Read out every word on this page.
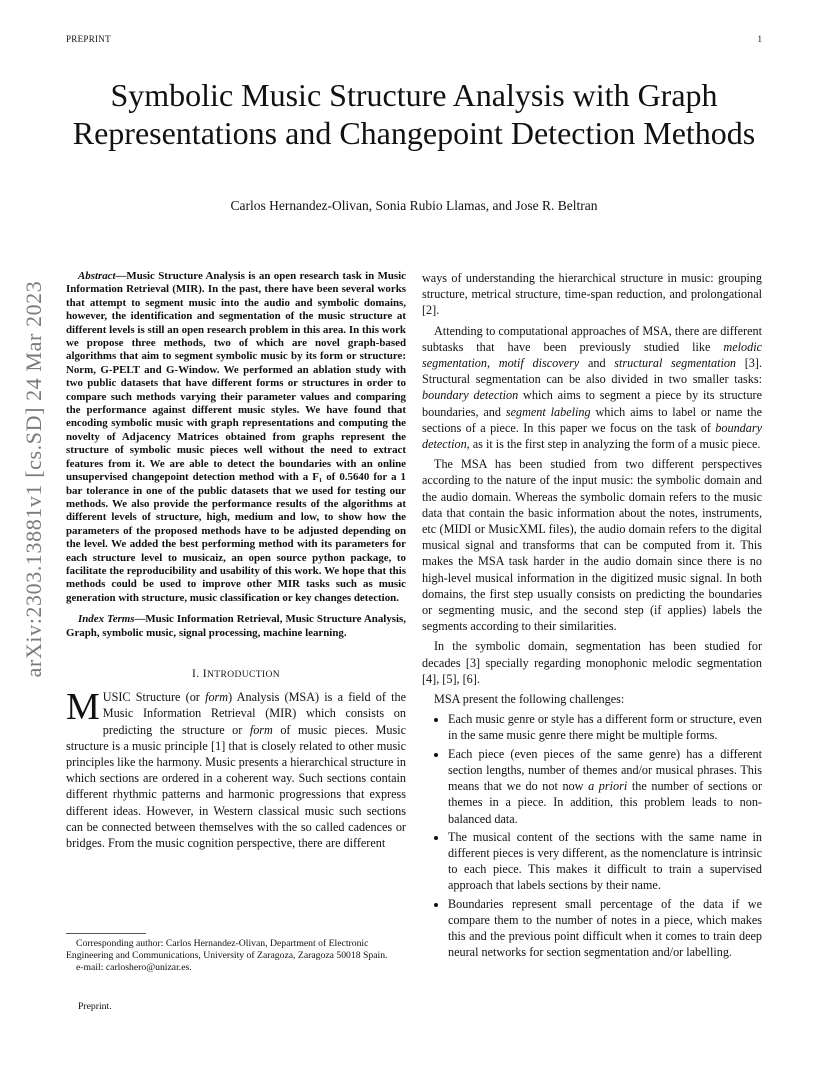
PREPRINT	1
Symbolic Music Structure Analysis with Graph Representations and Changepoint Detection Methods
Carlos Hernandez-Olivan, Sonia Rubio Llamas, and Jose R. Beltran
arXiv:2303.13881v1 [cs.SD] 24 Mar 2023

Abstract—Music Structure Analysis is an open research task in Music Information Retrieval (MIR). In the past, there have been several works that attempt to segment music into the audio and symbolic domains, however, the identification and segmentation of the music structure at different levels is still an open research problem in this area. In this work we propose three methods, two of which are novel graph-based algorithms that aim to segment symbolic music by its form or structure: Norm, G-PELT and G-Window. We performed an ablation study with two public datasets that have different forms or structures in order to compare such methods varying their parameter values and comparing the performance against different music styles. We have found that encoding symbolic music with graph representations and computing the novelty of Adjacency Matrices obtained from graphs represent the structure of symbolic music pieces well without the need to extract features from it. We are able to detect the boundaries with an online unsupervised changepoint detection method with a F₁ of 0.5640 for a 1 bar tolerance in one of the public datasets that we used for testing our methods. We also provide the performance results of the algorithms at different levels of structure, high, medium and low, to show how the parameters of the proposed methods have to be adjusted depending on the level. We added the best performing method with its parameters for each structure level to musicaiz, an open source python package, to facilitate the reproducibility and usability of this work. We hope that this methods could be used to improve other MIR tasks such as music generation with structure, music classification or key changes detection.

Index Terms—Music Information Retrieval, Music Structure Analysis, Graph, symbolic music, signal processing, machine learning.

I. INTRODUCTION

MUSIC Structure (or form) Analysis (MSA) is a field of the Music Information Retrieval (MIR) which consists on predicting the structure or form of music pieces. Music structure is a music principle [1] that is closely related to other music principles like the harmony. Music presents a hierarchical structure in which sections are ordered in a coherent way. Such sections contain different rhythmic patterns and harmonic progressions that express different ideas. However, in Western classical music such sections can be connected between themselves with the so called cadences or bridges. From the music cognition perspective, there are different

Corresponding author: Carlos Hernandez-Olivan, Department of Electronic Engineering and Communications, University of Zaragoza, Zaragoza 50018 Spain.

e-mail: carloshero@unizar.es.

Preprint.

ways of understanding the hierarchical structure in music: grouping structure, metrical structure, time-span reduction, and prolongational [2].

Attending to computational approaches of MSA, there are different subtasks that have been previously studied like melodic segmentation, motif discovery and structural segmentation [3]. Structural segmentation can be also divided in two smaller tasks: boundary detection which aims to segment a piece by its structure boundaries, and segment labeling which aims to label or name the sections of a piece. In this paper we focus on the task of boundary detection, as it is the first step in analyzing the form of a music piece.

The MSA has been studied from two different perspectives according to the nature of the input music: the symbolic domain and the audio domain. Whereas the symbolic domain refers to the music data that contain the basic information about the notes, instruments, etc (MIDI or MusicXML files), the audio domain refers to the digital musical signal and transforms that can be computed from it. This makes the MSA task harder in the audio domain since there is no high-level musical information in the digitized music signal. In both domains, the first step usually consists on predicting the boundaries or segmenting music, and the second step (if applies) labels the segments according to their similarities.

In the symbolic domain, segmentation has been studied for decades [3] specially regarding monophonic melodic segmentation [4], [5], [6].

MSA present the following challenges:

• Each music genre or style has a different form or structure, even in the same music genre there might be multiple forms.
• Each piece (even pieces of the same genre) has a different section lengths, number of themes and/or musical phrases. This means that we do not now a priori the number of sections or themes in a piece. In addition, this problem leads to non-balanced data.
• The musical content of the sections with the same name in different pieces is very different, as the nomenclature is intrinsic to each piece. This makes it difficult to train a supervised approach that labels sections by their name.
• Boundaries represent small percentage of the data if we compare them to the number of notes in a piece, which makes this and the previous point difficult when it comes to train deep neural networks for section segmentation and/or labelling.
